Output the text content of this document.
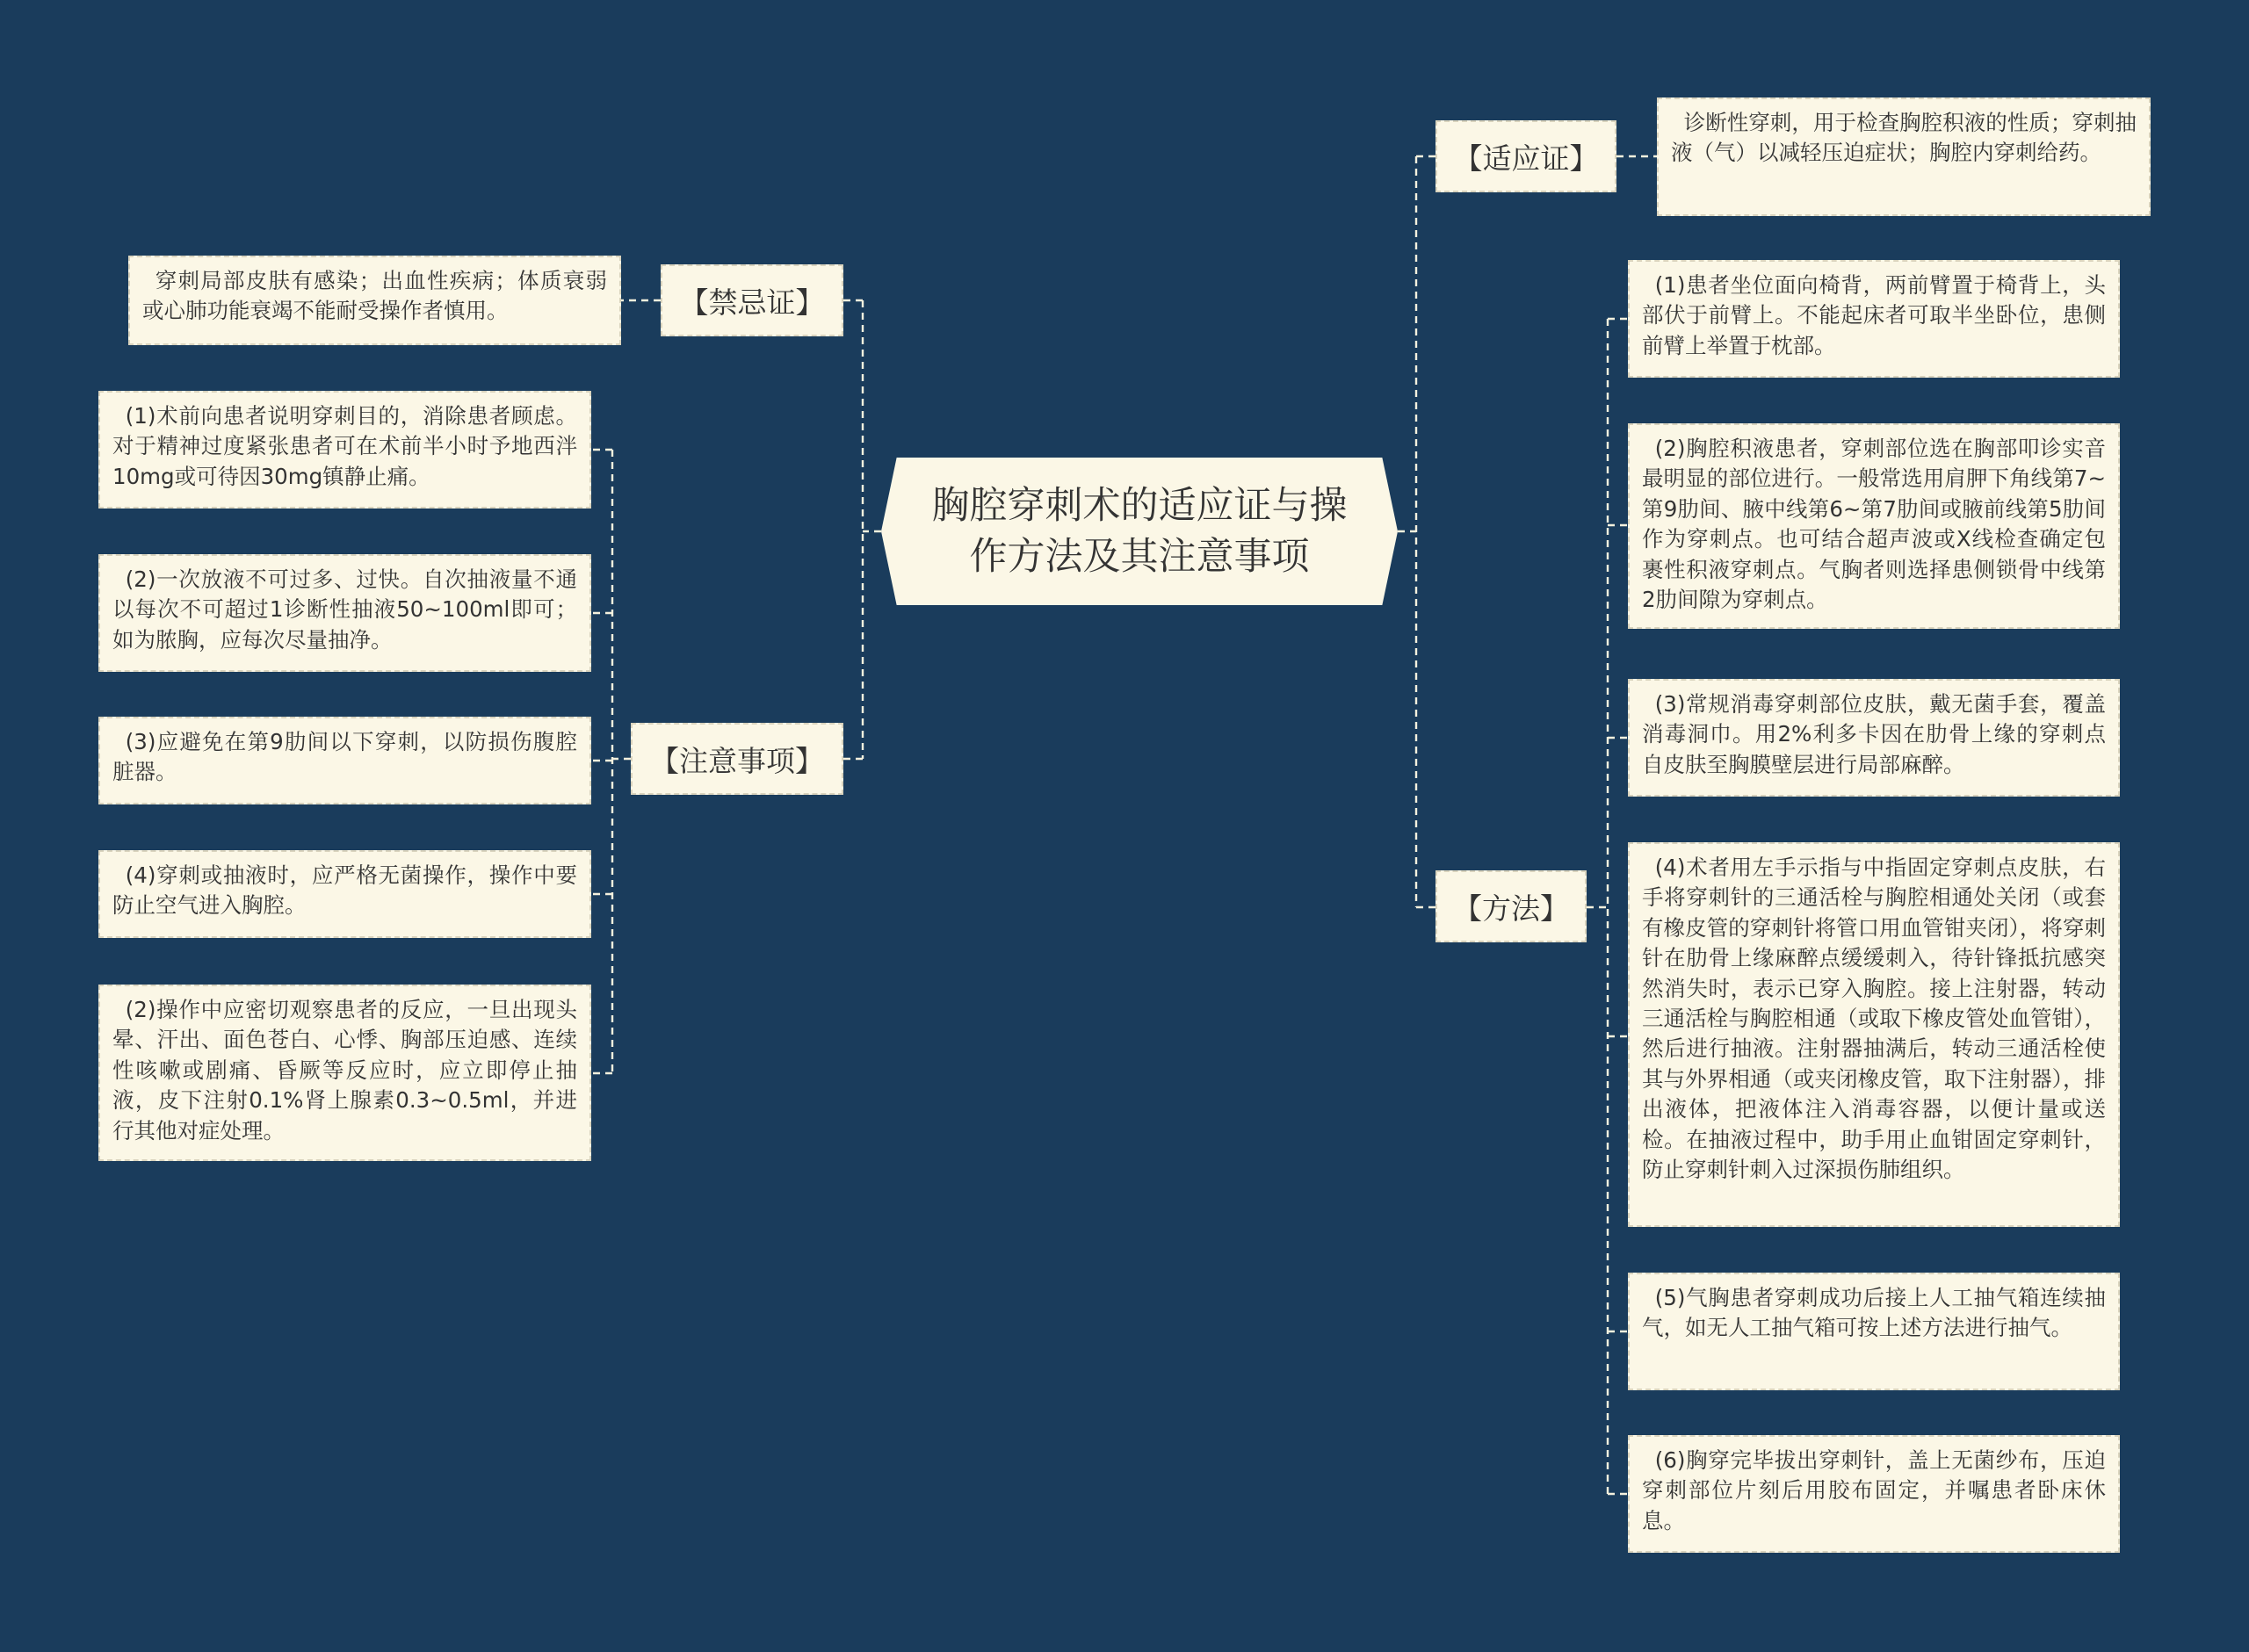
胸腔穿刺术的适应证与操作方法及其注意事项
【适应证】

诊断性穿刺，用于检查胸腔积液的性质；穿刺抽液（气）以减轻压迫症状；胸腔内穿刺给药。

【方法】

(1)患者坐位面向椅背，两前臂置于椅背上，头部伏于前臂上。不能起床者可取半坐卧位，患侧前臂上举置于枕部。

(2)胸腔积液患者，穿刺部位选在胸部叩诊实音最明显的部位进行。一般常选用肩胛下角线第7~第9肋间、腋中线第6~第7肋间或腋前线第5肋间作为穿刺点。也可结合超声波或X线检查确定包裹性积液穿刺点。气胸者则选择患侧锁骨中线第2肋间隙为穿刺点。

(3)常规消毒穿刺部位皮肤，戴无菌手套，覆盖消毒洞巾。用2%利多卡因在肋骨上缘的穿刺点自皮肤至胸膜壁层进行局部麻醉。

(4)术者用左手示指与中指固定穿刺点皮肤，右手将穿刺针的三通活栓与胸腔相通处关闭（或套有橡皮管的穿刺针将管口用血管钳夹闭），将穿刺针在肋骨上缘麻醉点缓缓刺入，待针锋抵抗感突然消失时，表示已穿入胸腔。接上注射器，转动三通活栓与胸腔相通（或取下橡皮管处血管钳），然后进行抽液。注射器抽满后，转动三通活栓使其与外界相通（或夹闭橡皮管，取下注射器），排出液体，把液体注入消毒容器，以便计量或送检。在抽液过程中，助手用止血钳固定穿刺针，防止穿刺针刺入过深损伤肺组织。

(5)气胸患者穿刺成功后接上人工抽气箱连续抽气，如无人工抽气箱可按上述方法进行抽气。

(6)胸穿完毕拔出穿刺针，盖上无菌纱布，压迫穿刺部位片刻后用胶布固定，并嘱患者卧床休息。

【禁忌证】

穿刺局部皮肤有感染；出血性疾病；体质衰弱或心肺功能衰竭不能耐受操作者慎用。

【注意事项】

(1)术前向患者说明穿刺目的，消除患者顾虑。对于精神过度紧张患者可在术前半小时予地西泮10mg或可待因30mg镇静止痛。

(2)一次放液不可过多、过快。自次抽液量不通以每次不可超过1诊断性抽液50~100ml即可；如为脓胸，应每次尽量抽净。

(3)应避免在第9肋间以下穿刺，以防损伤腹腔脏器。

(4)穿刺或抽液时，应严格无菌操作，操作中要防止空气进入胸腔。

(2)操作中应密切观察患者的反应，一旦出现头晕、汗出、面色苍白、心悸、胸部压迫感、连续性咳嗽或剧痛、昏厥等反应时，应立即停止抽液，皮下注射0.1%肾上腺素0.3~0.5ml，并进行其他对症处理。
